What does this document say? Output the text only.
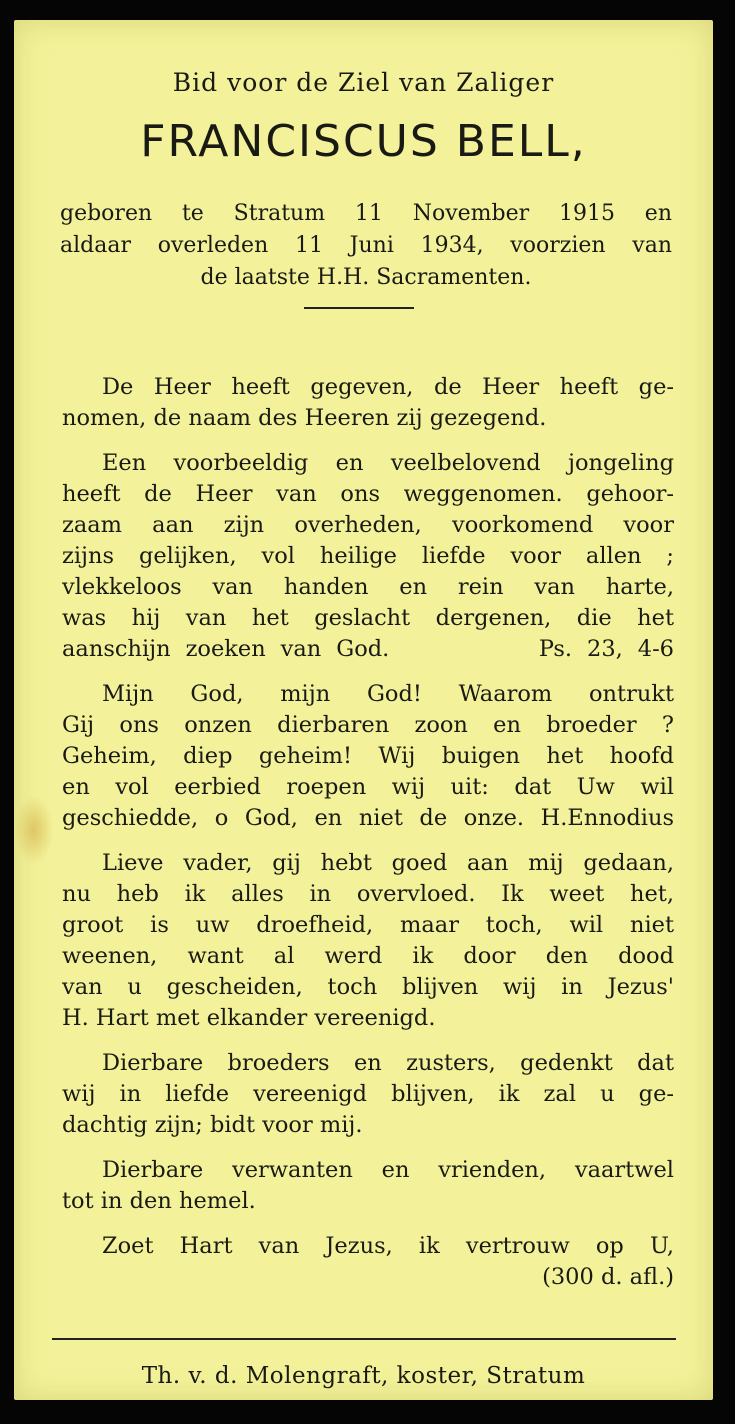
Bid voor de Ziel van Zaliger
FRANCISCUS BELL,
geboren te Stratum 11 November 1915 en
aldaar overleden 11 Juni 1934, voorzien van
de laatste H.H. Sacramenten.
De Heer heeft gegeven, de Heer heeft ge-
nomen, de naam des Heeren zij gezegend.
Een voorbeeldig en veelbelovend jongeling
heeft de Heer van ons weggenomen. gehoor-
zaam aan zijn overheden, voorkomend voor
zijns gelijken, vol heilige liefde voor allen ;
vlekkeloos van handen en rein van harte,
was hij van het geslacht dergenen, die het
aanschijn zoeken van God.          Ps. 23, 4-6
Mijn God, mijn God! Waarom ontrukt
Gij ons onzen dierbaren zoon en broeder ?
Geheim, diep geheim! Wij buigen het hoofd
en vol eerbied roepen wij uit: dat Uw wil
geschiedde, o God, en niet de onze. H.Ennodius
Lieve vader, gij hebt goed aan mij gedaan,
nu heb ik alles in overvloed. Ik weet het,
groot is uw droefheid, maar toch, wil niet
weenen, want al werd ik door den dood
van u gescheiden, toch blijven wij in Jezus'
H. Hart met elkander vereenigd.
Dierbare broeders en zusters, gedenkt dat
wij in liefde vereenigd blijven, ik zal u ge-
dachtig zijn; bidt voor mij.
Dierbare verwanten en vrienden, vaartwel
tot in den hemel.
Zoet Hart van Jezus, ik vertrouw op U,
(300 d. afl.)
Th. v. d. Molengraft, koster, Stratum
